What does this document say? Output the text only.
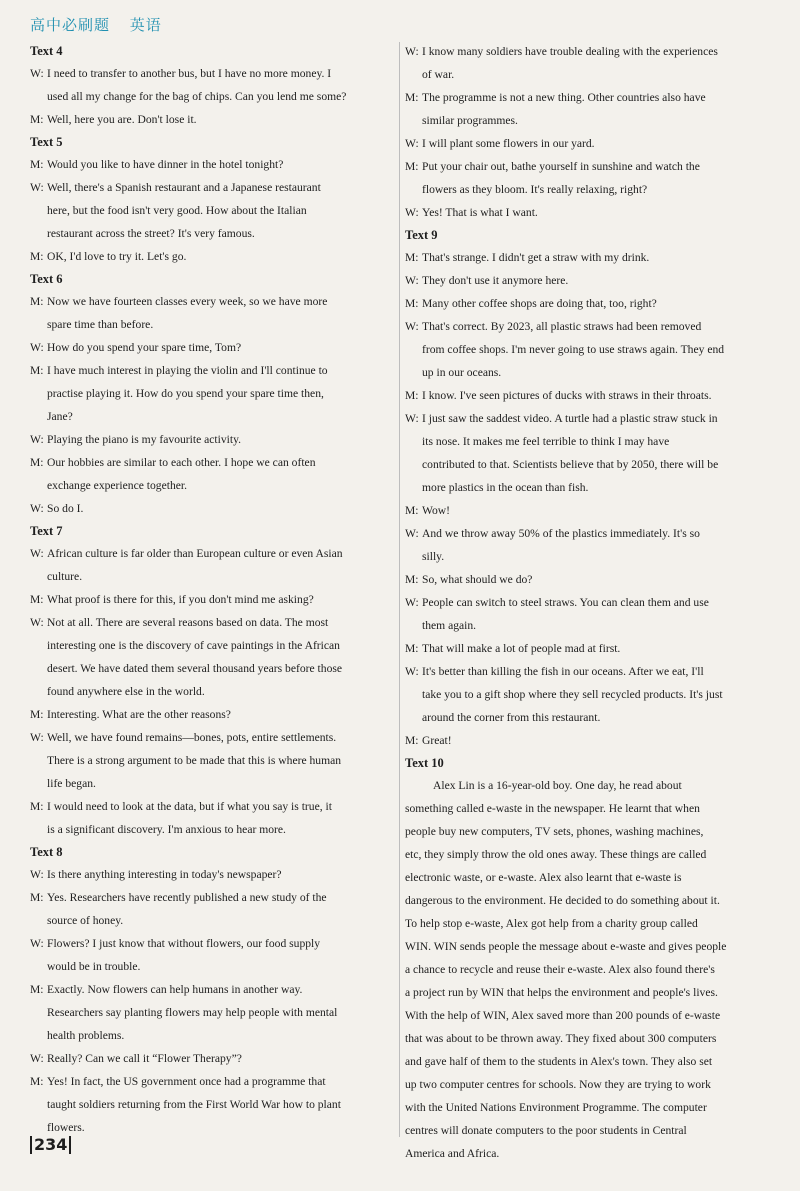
高中必刷题 英语
Text 4
W: I need to transfer to another bus, but I have no more money. I
used all my change for the bag of chips. Can you lend me some?
M: Well, here you are. Don't lose it.
Text 5
M: Would you like to have dinner in the hotel tonight?
W: Well, there's a Spanish restaurant and a Japanese restaurant
here, but the food isn't very good. How about the Italian
restaurant across the street? It's very famous.
M: OK, I'd love to try it. Let's go.
Text 6
M: Now we have fourteen classes every week, so we have more
spare time than before.
W: How do you spend your spare time, Tom?
M: I have much interest in playing the violin and I'll continue to
practise playing it. How do you spend your spare time then,
Jane?
W: Playing the piano is my favourite activity.
M: Our hobbies are similar to each other. I hope we can often
exchange experience together.
W: So do I.
Text 7
W: African culture is far older than European culture or even Asian
culture.
M: What proof is there for this, if you don't mind me asking?
W: Not at all. There are several reasons based on data. The most
interesting one is the discovery of cave paintings in the African
desert. We have dated them several thousand years before those
found anywhere else in the world.
M: Interesting. What are the other reasons?
W: Well, we have found remains—bones, pots, entire settlements.
There is a strong argument to be made that this is where human
life began.
M: I would need to look at the data, but if what you say is true, it
is a significant discovery. I'm anxious to hear more.
Text 8
W: Is there anything interesting in today's newspaper?
M: Yes. Researchers have recently published a new study of the
source of honey.
W: Flowers? I just know that without flowers, our food supply
would be in trouble.
M: Exactly. Now flowers can help humans in another way.
Researchers say planting flowers may help people with mental
health problems.
W: Really? Can we call it “Flower Therapy”?
M: Yes! In fact, the US government once had a programme that
taught soldiers returning from the First World War how to plant
flowers.
W: I know many soldiers have trouble dealing with the experiences
of war.
M: The programme is not a new thing. Other countries also have
similar programmes.
W: I will plant some flowers in our yard.
M: Put your chair out, bathe yourself in sunshine and watch the
flowers as they bloom. It's really relaxing, right?
W: Yes! That is what I want.
Text 9
M: That's strange. I didn't get a straw with my drink.
W: They don't use it anymore here.
M: Many other coffee shops are doing that, too, right?
W: That's correct. By 2023, all plastic straws had been removed
from coffee shops. I'm never going to use straws again. They end
up in our oceans.
M: I know. I've seen pictures of ducks with straws in their throats.
W: I just saw the saddest video. A turtle had a plastic straw stuck in
its nose. It makes me feel terrible to think I may have
contributed to that. Scientists believe that by 2050, there will be
more plastics in the ocean than fish.
M: Wow!
W: And we throw away 50% of the plastics immediately. It's so
silly.
M: So, what should we do?
W: People can switch to steel straws. You can clean them and use
them again.
M: That will make a lot of people mad at first.
W: It's better than killing the fish in our oceans. After we eat, I'll
take you to a gift shop where they sell recycled products. It's just
around the corner from this restaurant.
M: Great!
Text 10
Alex Lin is a 16-year-old boy. One day, he read about
something called e-waste in the newspaper. He learnt that when
people buy new computers, TV sets, phones, washing machines,
etc, they simply throw the old ones away. These things are called
electronic waste, or e-waste. Alex also learnt that e-waste is
dangerous to the environment. He decided to do something about it.
To help stop e-waste, Alex got help from a charity group called
WIN. WIN sends people the message about e-waste and gives people
a chance to recycle and reuse their e-waste. Alex also found there's
a project run by WIN that helps the environment and people's lives.
With the help of WIN, Alex saved more than 200 pounds of e-waste
that was about to be thrown away. They fixed about 300 computers
and gave half of them to the students in Alex's town. They also set
up two computer centres for schools. Now they are trying to work
with the United Nations Environment Programme. The computer
centres will donate computers to the poor students in Central
America and Africa.
234
